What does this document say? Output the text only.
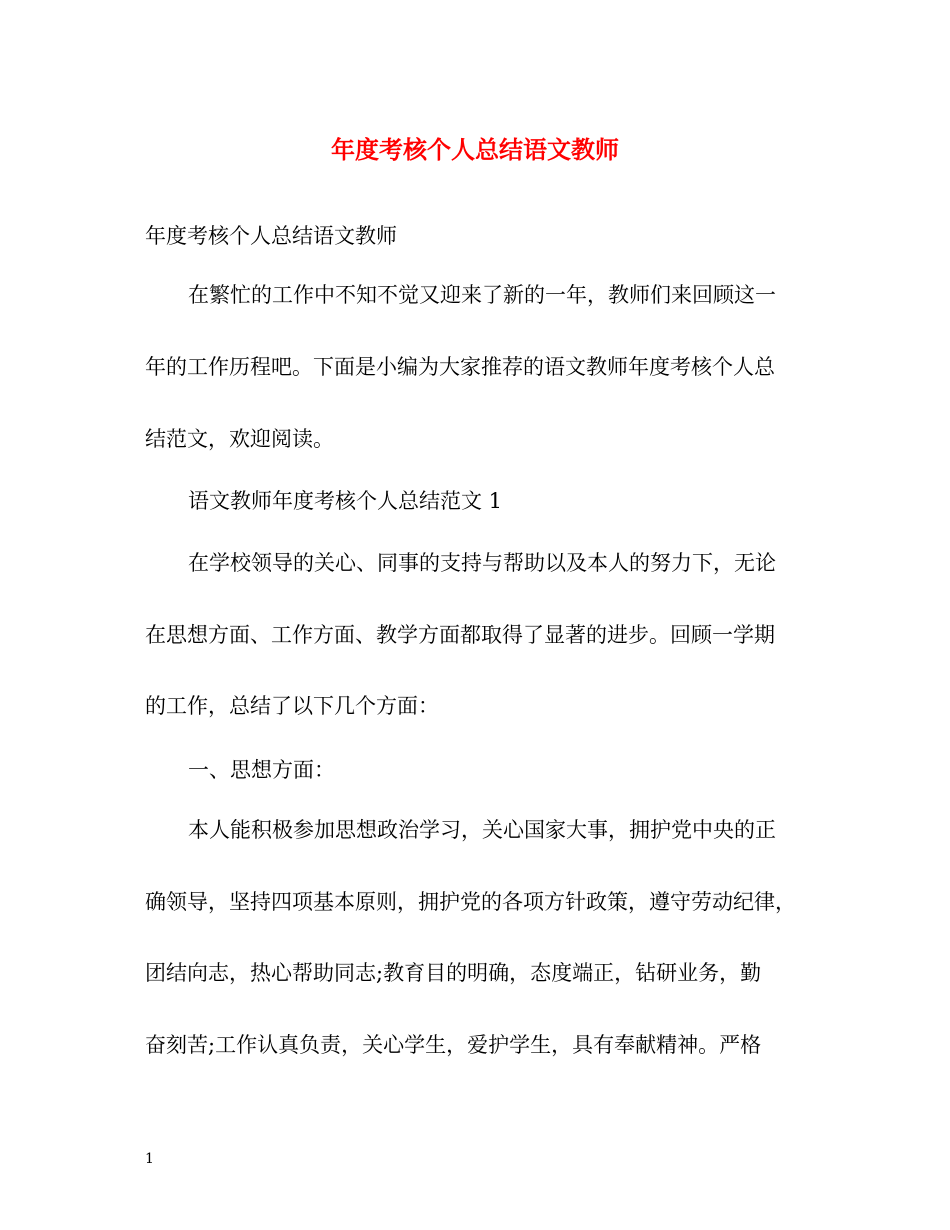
年度考核个人总结语文教师
年度考核个人总结语文教师
在繁忙的工作中不知不觉又迎来了新的一年，教师们来回顾这一
年的工作历程吧。下面是小编为大家推荐的语文教师年度考核个人总
结范文，欢迎阅读。
语文教师年度考核个人总结范文 1
在学校领导的关心、同事的支持与帮助以及本人的努力下，无论
在思想方面、工作方面、教学方面都取得了显著的进步。回顾一学期
的工作，总结了以下几个方面：
一、思想方面：
本人能积极参加思想政治学习，关心国家大事，拥护党中央的正
确领导，坚持四项基本原则，拥护党的各项方针政策，遵守劳动纪律，
团结向志，热心帮助同志;教育目的明确，态度端正，钻研业务，勤
奋刻苦;工作认真负责，关心学生，爱护学生，具有奉献精神。严格
1
